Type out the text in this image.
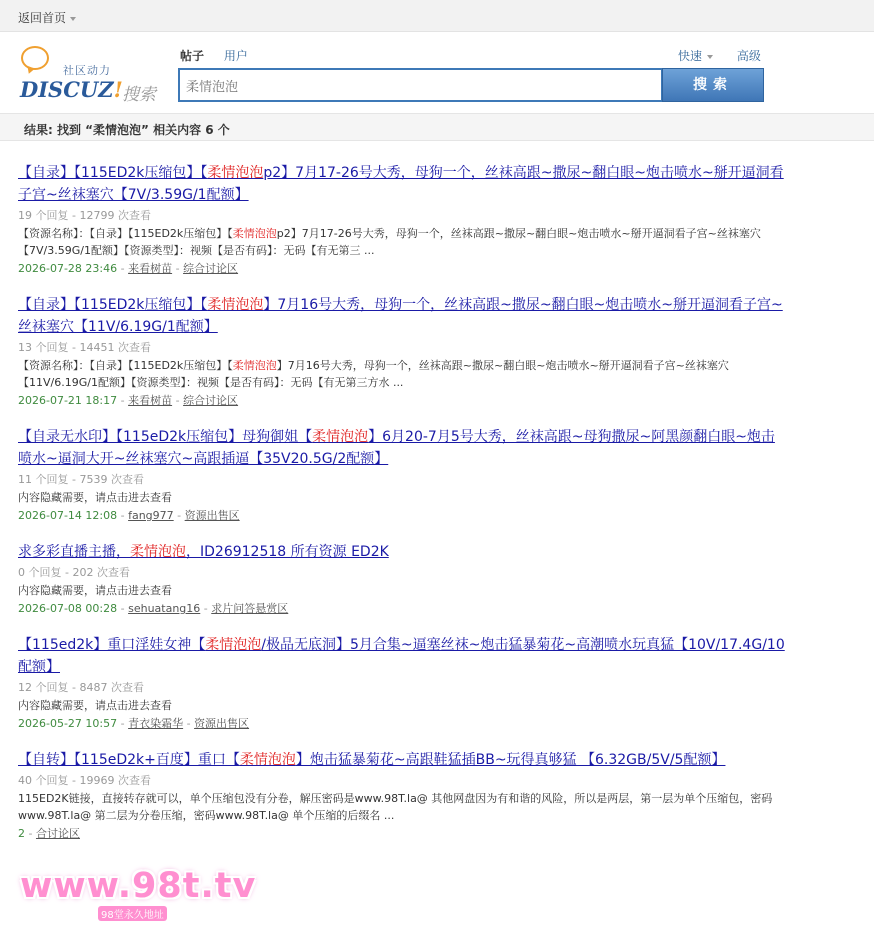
返回首页
社区动力
DISCUZ! 搜索
帖子 用户	快速	高级
柔情泡泡
搜索
结果: 找到 “柔情泡泡” 相关内容 6 个
【自录】【115ED2k压缩包】【柔情泡泡p2】7月17-26号大秀，母狗一个，丝袜高跟~撒尿~翻白眼~炮击喷水~掰开逼洞看子宫~丝袜塞穴【7V/3.59G/1配额】
19 个回复 - 12799 次查看
【资源名称】：【自录】【115ED2k压缩包】【柔情泡泡p2】7月17-26号大秀，母狗一个，丝袜高跟~撒尿~翻白眼~炮击喷水~掰开逼洞看子宫~丝袜塞穴【7V/3.59G/1配额】【资源类型】：视频【是否有码】：无码【有无第三 ...
2026-07-28 23:46 - 来看树苗 - 综合讨论区
【自录】【115ED2k压缩包】【柔情泡泡】7月16号大秀，母狗一个，丝袜高跟~撒尿~翻白眼~炮击喷水~掰开逼洞看子宫~丝袜塞穴【11V/6.19G/1配额】
13 个回复 - 14451 次查看
【资源名称】：【自录】【115ED2k压缩包】【柔情泡泡】7月16号大秀，母狗一个，丝袜高跟~撒尿~翻白眼~炮击喷水~掰开逼洞看子宫~丝袜塞穴【11V/6.19G/1配额】【资源类型】：视频【是否有码】：无码【有无第三方水 ...
2026-07-21 18:17 - 来看树苗 - 综合讨论区
【自录无水印】【115eD2k压缩包】母狗御姐【柔情泡泡】6月20-7月5号大秀，丝袜高跟~母狗撒尿~阿黑颜翻白眼~炮击喷水~逼洞大开~丝袜塞穴~高跟插逼【35V20.5G/2配额】
11 个回复 - 7539 次查看
内容隐藏需要，请点击进去查看
2026-07-14 12:08 - fang977 - 资源出售区
求多彩直播主播，柔情泡泡，ID26912518 所有资源 ED2K
0 个回复 - 202 次查看
内容隐藏需要，请点击进去查看
2026-07-08 00:28 - sehuatang16 - 求片问答悬赏区
【115ed2k】重口淫娃女神【柔情泡泡/极品无底洞】5月合集~逼塞丝袜~炮击猛暴菊花~高潮喷水玩真猛【10V/17.4G/10配额】
12 个回复 - 8487 次查看
内容隐藏需要，请点击进去查看
2026-05-27 10:57 - 青衣染霜华 - 资源出售区
【自转】【115eD2k+百度】重口【柔情泡泡】炮击猛暴菊花~高跟鞋猛插BB~玩得真够猛 【6.32GB/5V/5配额】
40 个回复 - 19969 次查看
115ED2K链接，直接转存就可以，单个压缩包没有分卷，解压密码是www.98T.la@ 其他网盘因为有和谐的风险，所以是两层，第一层为单个压缩包，密码www.98T.la@ 第二层为分卷压缩，密码www.98T.la@ 单个压缩的后缀名 ...
2 - 合讨论区
www.98t.tv
98堂永久地址
